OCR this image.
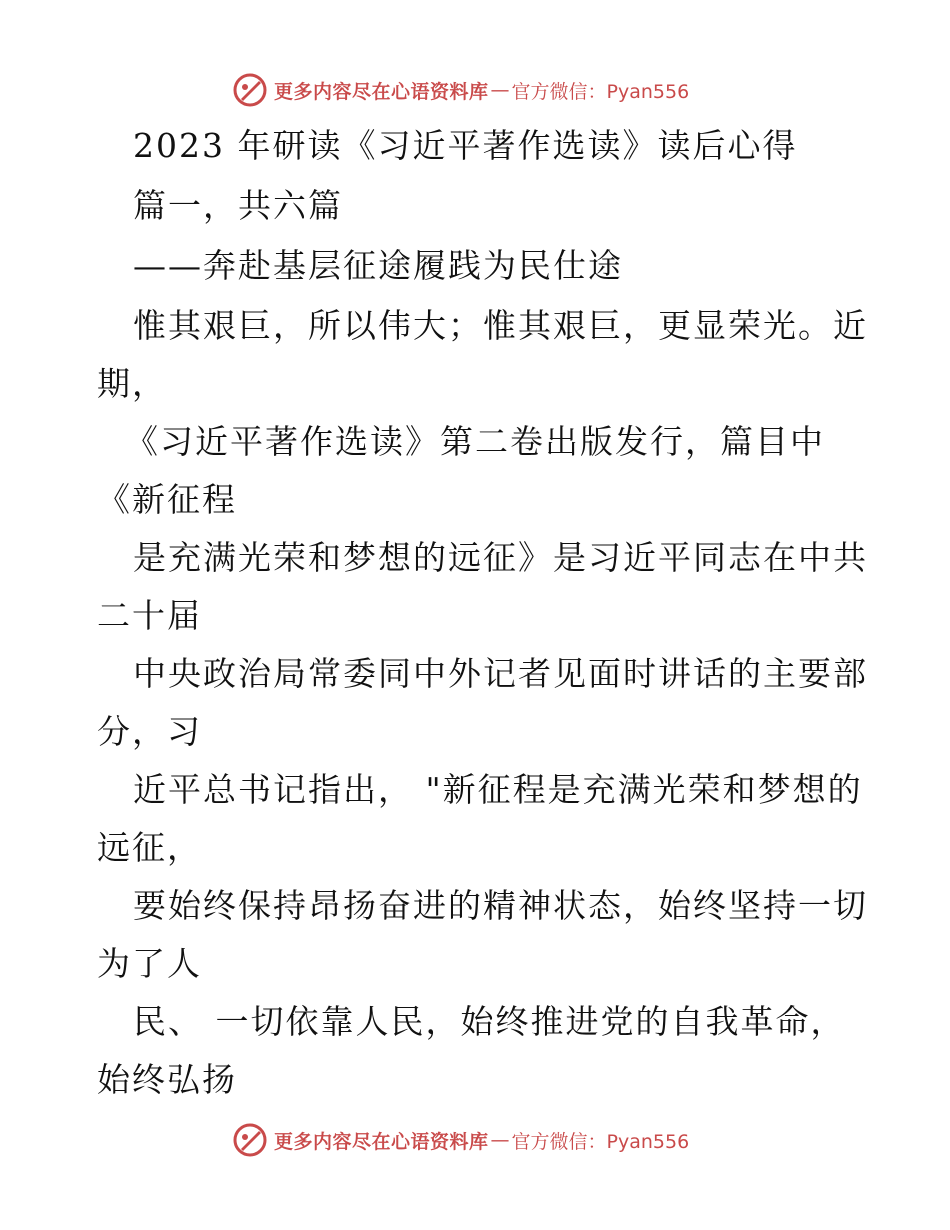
更多内容尽在心语资料库 — 官方微信：Pyan556
2023 年研读《习近平著作选读》读后心得
篇一，共六篇
——奔赴基层征途履践为民仕途
惟其艰巨，所以伟大；惟其艰巨，更显荣光。近
期，
《习近平著作选读》第二卷出版发行，篇目中
《新征程
是充满光荣和梦想的远征》是习近平同志在中共
二十届
中央政治局常委同中外记者见面时讲话的主要部
分，习
近平总书记指出， "新征程是充满光荣和梦想的
远征，
要始终保持昂扬奋进的精神状态，始终坚持一切
为了人
民、 一切依靠人民，始终推进党的自我革命，
始终弘扬
更多内容尽在心语资料库 — 官方微信：Pyan556
